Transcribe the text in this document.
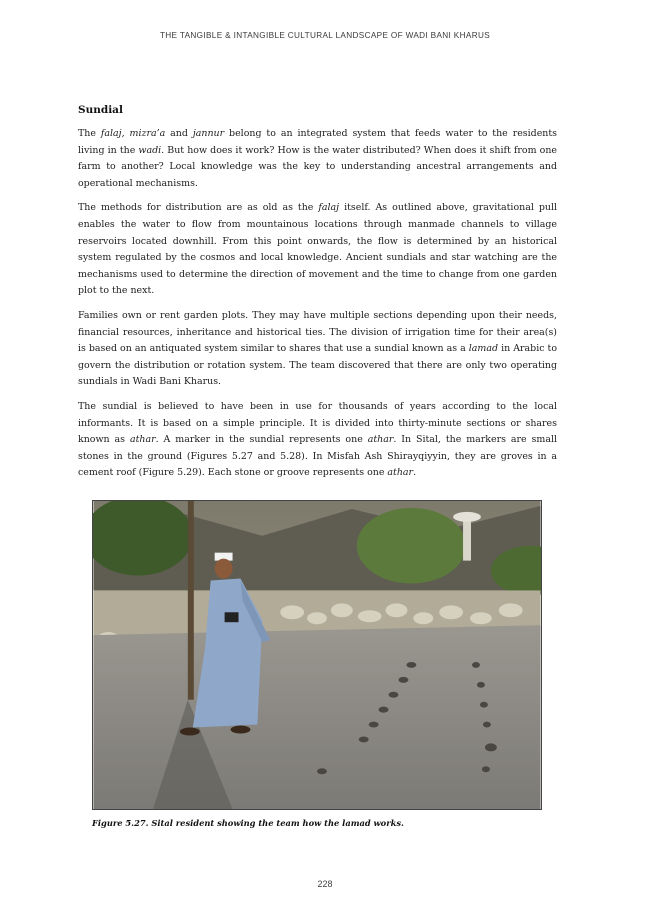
THE TANGIBLE & INTANGIBLE CULTURAL LANDSCAPE OF WADI BANI KHARUS
Sundial

The falaj, mizra’a and jannur belong to an integrated system that feeds water to the residents living in the wadi. But how does it work? How is the water distributed? When does it shift from one farm to another? Local knowledge was the key to understanding ancestral arrangements and operational mechanisms.

The methods for distribution are as old as the falaj itself. As outlined above, gravitational pull enables the water to flow from mountainous locations through manmade channels to village reservoirs located downhill. From this point onwards, the flow is determined by an historical system regulated by the cosmos and local knowledge. Ancient sundials and star watching are the mechanisms used to determine the direction of movement and the time to change from one garden plot to the next.

Families own or rent garden plots. They may have multiple sections depending upon their needs, financial resources, inheritance and historical ties. The division of irrigation time for their area(s) is based on an antiquated system similar to shares that use a sundial known as a lamad in Arabic to govern the distribution or rotation system. The team discovered that there are only two operating sundials in Wadi Bani Kharus.

The sundial is believed to have been in use for thousands of years according to the local informants. It is based on a simple principle. It is divided into thirty-minute sections or shares known as athar. A marker in the sundial represents one athar. In Sital, the markers are small stones in the ground (Figures 5.27 and 5.28). In Misfah Ash Shirayqiyyin, they are groves in a cement roof (Figure 5.29). Each stone or groove represents one athar.

Figure 5.27. Sital resident showing the team how the lamad works.
228
